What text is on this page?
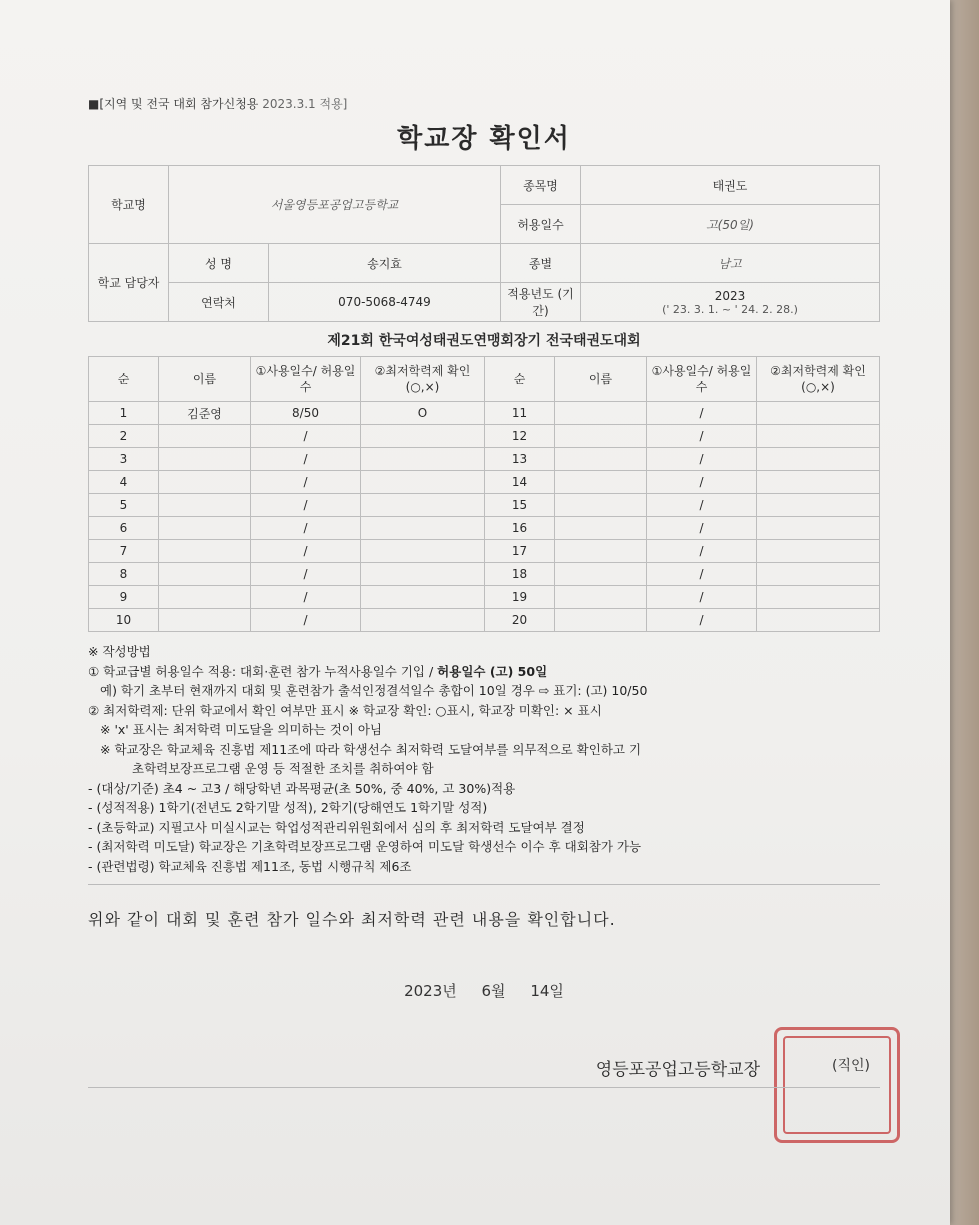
■[지역 및 전국 대회 참가신청용 2023.3.1 적용]
학교장 확인서
학교명	서울영등포공업고등학교		종목명	태권도
			허용일수	고(50일)
학교 담당자	성 명	송지효	종별	남고
	연락처	070-5068-4749	적용년도 (기간)	2023
(' 23. 3. 1. ~ ' 24. 2. 28.)
제21회 한국여성태권도연맹회장기 전국태권도대회
순	이름	①사용일수/ 허용일수	②최저학력제 확인(○,×)	순	이름	①사용일수/ 허용일수	②최저학력제 확인(○,×)
1	김준영	8/50	O	11		/	
2		/		12		/	
3		/		13		/	
4		/		14		/	
5		/		15		/	
6		/		16		/	
7		/		17		/	
8		/		18		/	
9		/		19		/	
10		/		20		/	

※ 작성방법

① 학교급별 허용일수 적용: 대회·훈련 참가 누적사용일수 기입 / 허용일수 (고) 50일

예) 학기 초부터 현재까지 대회 및 훈련참가 출석인정결석일수 총합이 10일 경우 ⇨ 표기: (고) 10/50

② 최저학력제: 단위 학교에서 확인 여부만 표시 ※ 학교장 확인: ○표시, 학교장 미확인: × 표시

※ 'x' 표시는 최저학력 미도달을 의미하는 것이 아님

※ 학교장은 학교체육 진흥법 제11조에 따라 학생선수 최저학력 도달여부를 의무적으로 확인하고 기

초학력보장프로그램 운영 등 적절한 조치를 취하여야 함

- (대상/기준) 초4 ~ 고3 / 해당학년 과목평균(초 50%, 중 40%, 고 30%)적용

- (성적적용) 1학기(전년도 2학기말 성적), 2학기(당해연도 1학기말 성적)

- (초등학교) 지필고사 미실시교는 학업성적관리위원회에서 심의 후 최저학력 도달여부 결정

- (최저학력 미도달) 학교장은 기초학력보장프로그램 운영하여 미도달 학생선수 이수 후 대회참가 가능

- (관련법령) 학교체육 진흥법 제11조, 동법 시행규칙 제6조

위와 같이 대회 및 훈련 참가 일수와 최저학력 관련 내용을 확인합니다.
2023년 6월 14일
영등포공업고등학교장	(직인)
